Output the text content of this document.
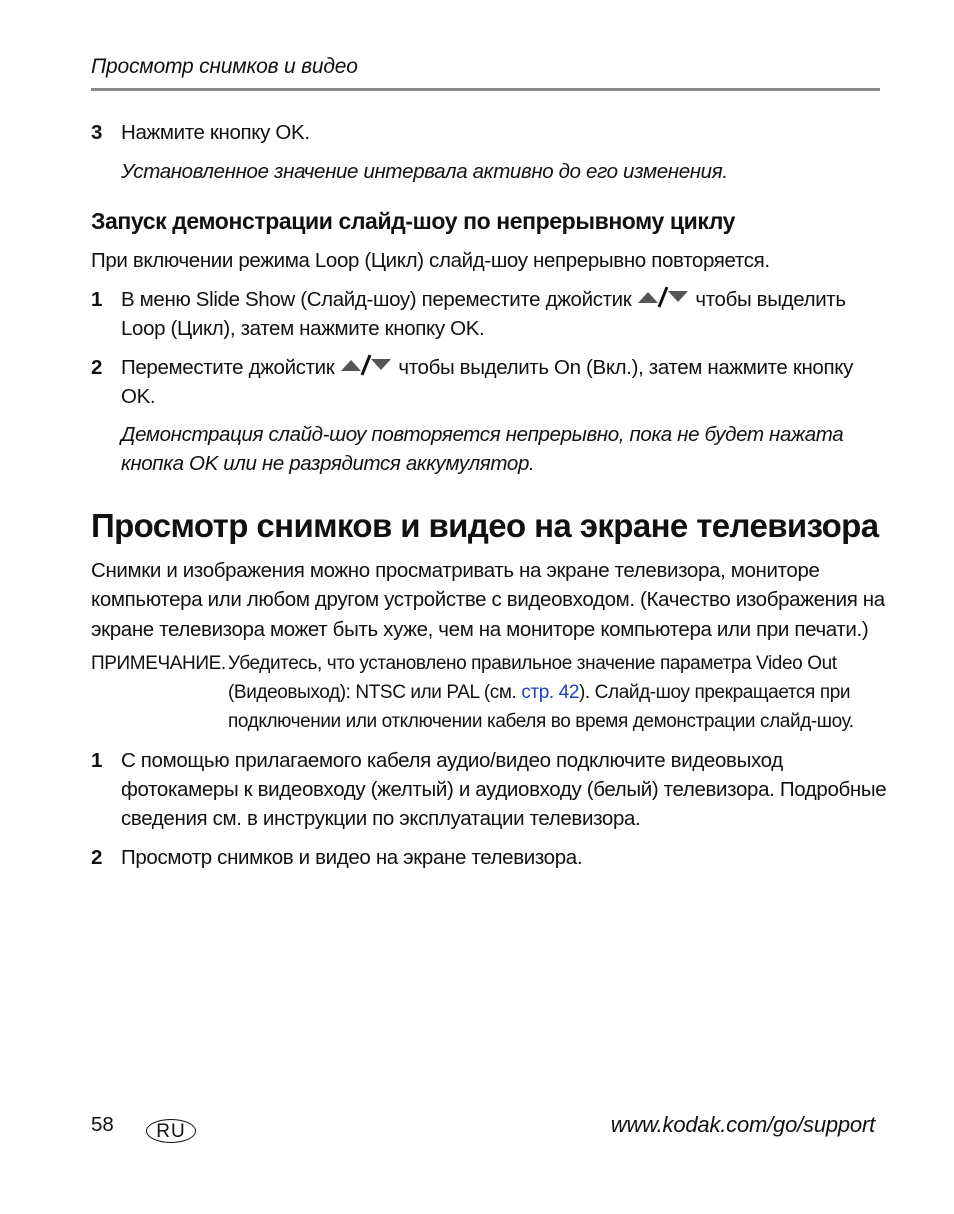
Просмотр снимков и видео
3 Нажмите кнопку OK.
Установленное значение интервала активно до его изменения.
Запуск демонстрации слайд-шоу по непрерывному циклу
При включении режима Loop (Цикл) слайд-шоу непрерывно повторяется.
1 В меню Slide Show (Слайд-шоу) переместите джойстик	чтобы выделить Loop (Цикл), затем нажмите кнопку OK.
2 Переместите джойстик	чтобы выделить On (Вкл.), затем нажмите кнопку OK.
Демонстрация слайд-шоу повторяется непрерывно, пока не будет нажата кнопка OK или не разрядится аккумулятор.
Просмотр снимков и видео на экране телевизора
Снимки и изображения можно просматривать на экране телевизора, мониторе компьютера или любом другом устройстве с видеовходом. (Качество изображения на экране телевизора может быть хуже, чем на мониторе компьютера или при печати.)
ПРИМЕЧАНИЕ. Убедитесь, что установлено правильное значение параметра Video Out (Видеовыход): NTSC или PAL (см. стр. 42). Слайд-шоу прекращается при подключении или отключении кабеля во время демонстрации слайд-шоу.
1 С помощью прилагаемого кабеля аудио/видео подключите видеовыход фотокамеры к видеовходу (желтый) и аудиовходу (белый) телевизора. Подробные сведения см. в инструкции по эксплуатации телевизора.
2 Просмотр снимков и видео на экране телевизора.
58	RU	www.kodak.com/go/support
